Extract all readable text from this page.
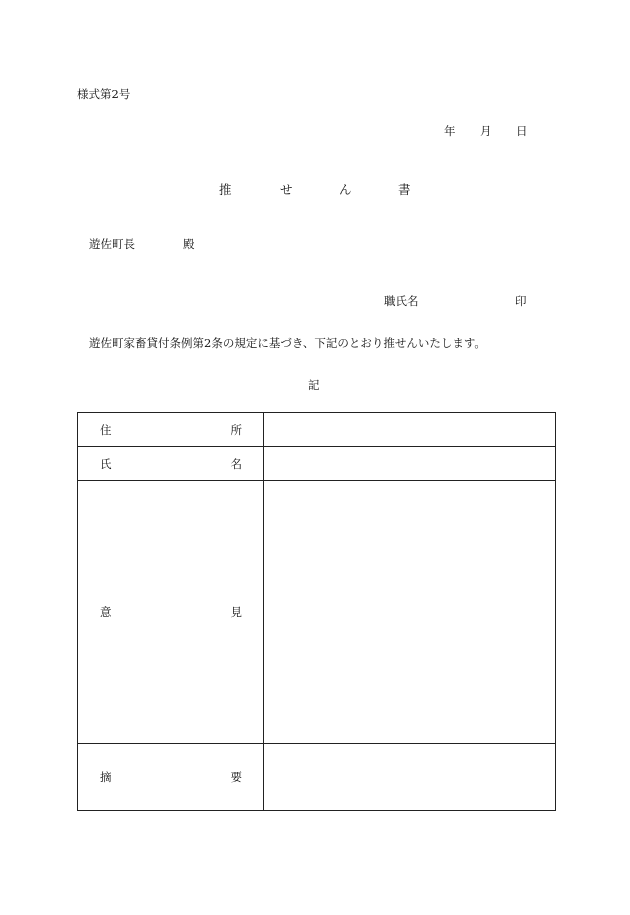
様式第2号
年 月 日
推	せ	ん	書
遊佐町長	殿
職氏名	印
遊佐町家畜貸付条例第2条の規定に基づき、下記のとおり推せんいたします。
記
住 所	

氏 名	

意 見	

摘 要	
